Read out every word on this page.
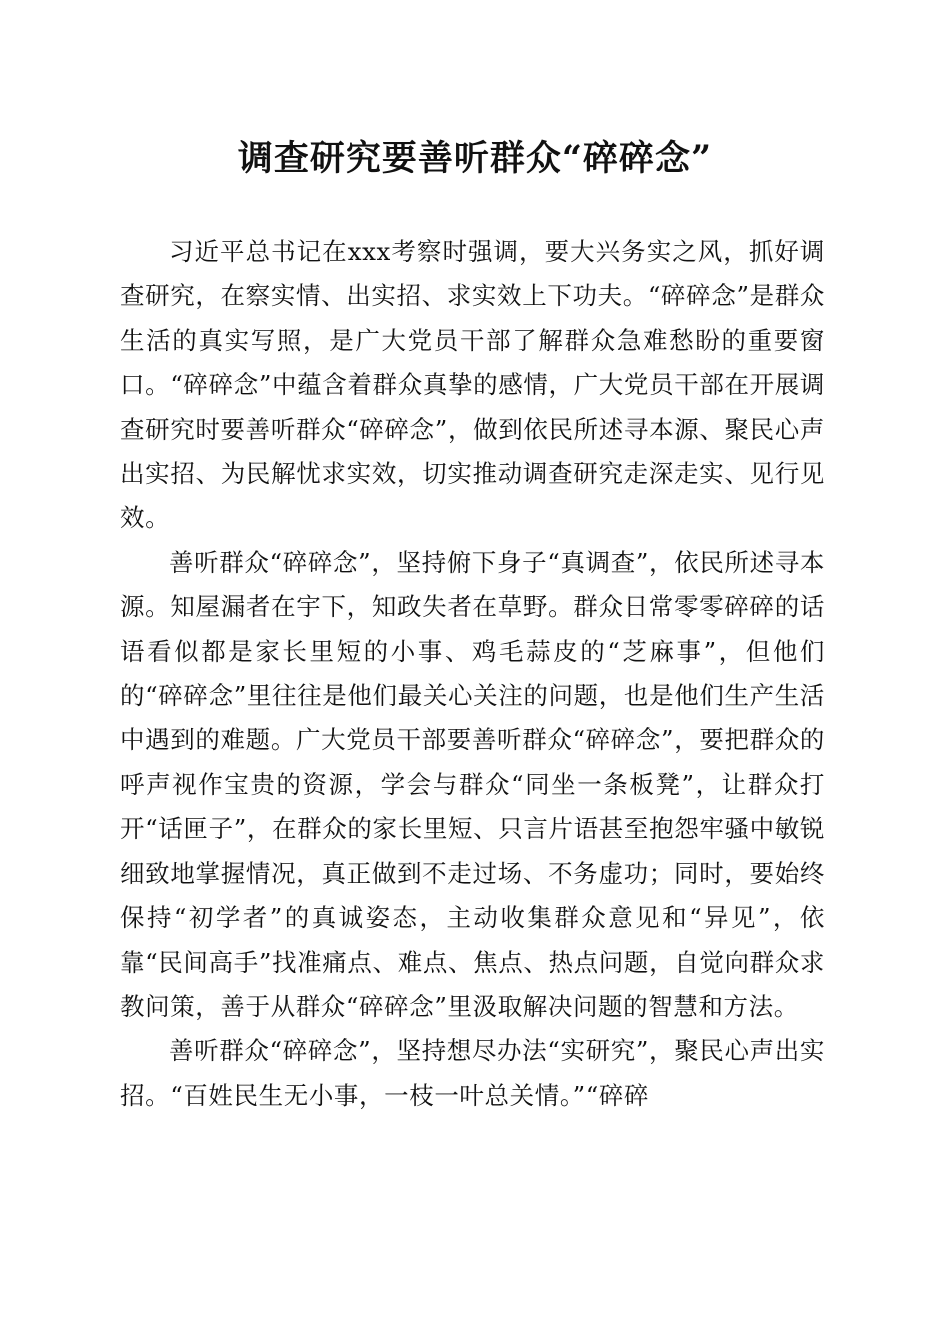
调查研究要善听群众“碎碎念”

习近平总书记在xxx考察时强调，要大兴务实之风，抓好调查研究，在察实情、出实招、求实效上下功夫。“碎碎念”是群众生活的真实写照，是广大党员干部了解群众急难愁盼的重要窗口。“碎碎念”中蕴含着群众真挚的感情，广大党员干部在开展调查研究时要善听群众“碎碎念”，做到依民所述寻本源、聚民心声出实招、为民解忧求实效，切实推动调查研究走深走实、见行见效。

善听群众“碎碎念”，坚持俯下身子“真调查”，依民所述寻本源。知屋漏者在宇下，知政失者在草野。群众日常零零碎碎的话语看似都是家长里短的小事、鸡毛蒜皮的“芝麻事”，但他们的“碎碎念”里往往是他们最关心关注的问题，也是他们生产生活中遇到的难题。广大党员干部要善听群众“碎碎念”，要把群众的呼声视作宝贵的资源，学会与群众“同坐一条板凳”，让群众打开“话匣子”，在群众的家长里短、只言片语甚至抱怨牢骚中敏锐细致地掌握情况，真正做到不走过场、不务虚功；同时，要始终保持“初学者”的真诚姿态，主动收集群众意见和“异见”，依靠“民间高手”找准痛点、难点、焦点、热点问题，自觉向群众求教问策，善于从群众“碎碎念”里汲取解决问题的智慧和方法。

善听群众“碎碎念”，坚持想尽办法“实研究”，聚民心声出实招。“百姓民生无小事，一枝一叶总关情。”“碎碎
